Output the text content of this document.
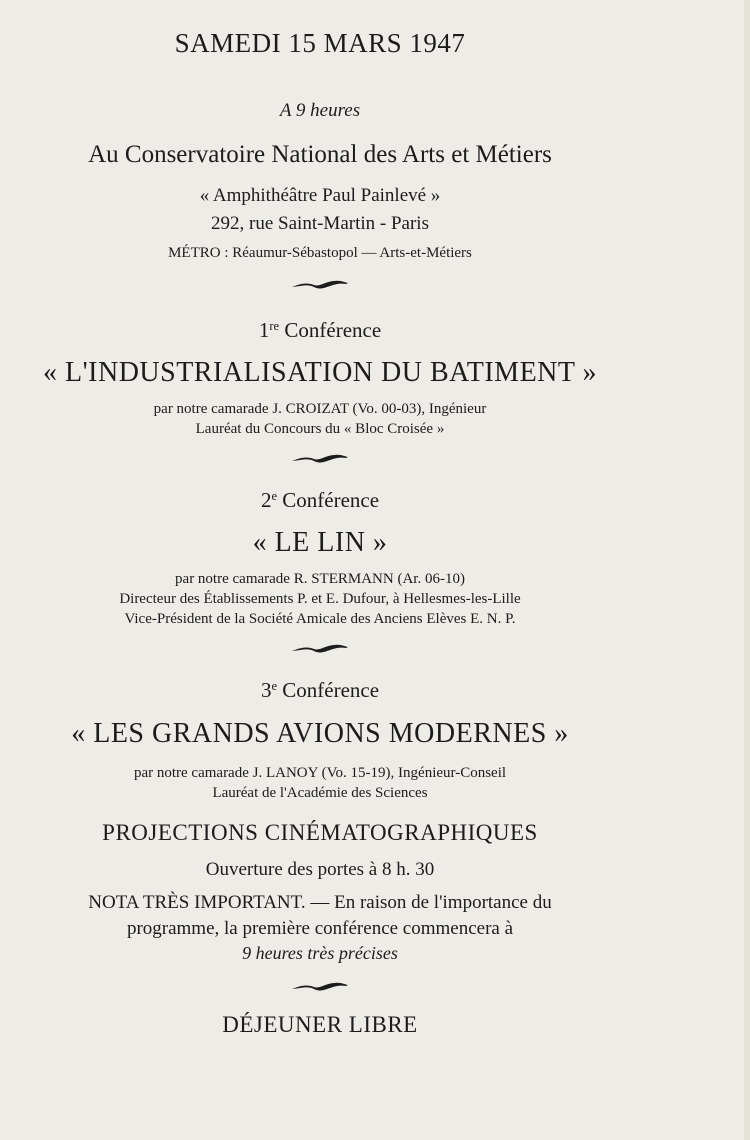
SAMEDI 15 MARS 1947
A 9 heures
Au Conservatoire National des Arts et Métiers
« Amphithéâtre Paul Painlevé »
292, rue Saint-Martin - Paris
MÉTRO : Réaumur-Sébastopol — Arts-et-Métiers
1re Conférence
« L'INDUSTRIALISATION DU BATIMENT »
par notre camarade J. CROIZAT (Vo. 00-03), Ingénieur
Lauréat du Concours du « Bloc Croisée »
2e Conférence
« LE LIN »
par notre camarade R. STERMANN (Ar. 06-10)
Directeur des Établissements P. et E. Dufour, à Hellesmes-les-Lille
Vice-Président de la Société Amicale des Anciens Elèves E. N. P.
3e Conférence
« LES GRANDS AVIONS MODERNES »
par notre camarade J. LANOY (Vo. 15-19), Ingénieur-Conseil
Lauréat de l'Académie des Sciences
PROJECTIONS CINÉMATOGRAPHIQUES
Ouverture des portes à 8 h. 30
NOTA TRÈS IMPORTANT. — En raison de l'importance du
programme, la première conférence commencera à
9 heures très précises
DÉJEUNER LIBRE
